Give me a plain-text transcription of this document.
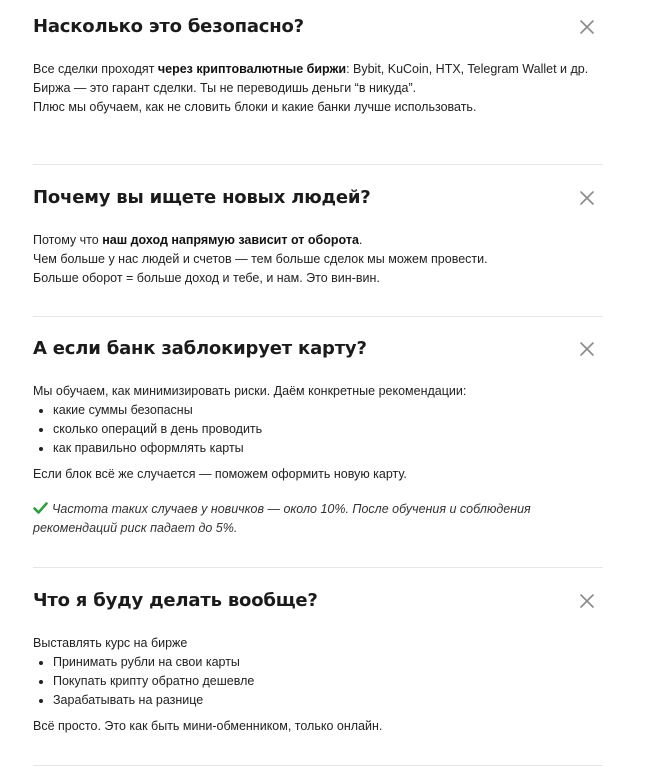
Насколько это безопасно?

Все сделки проходят через криптовалютные биржи: Bybit, KuCoin, HTX, Telegram Wallet и др.

Биржа — это гарант сделки. Ты не переводишь деньги “в никуда”.

Плюс мы обучаем, как не словить блоки и какие банки лучше использовать.

Почему вы ищете новых людей?

Потому что наш доход напрямую зависит от оборота.

Чем больше у нас людей и счетов — тем больше сделок мы можем провести.

Больше оборот = больше доход и тебе, и нам. Это вин-вин.

А если банк заблокирует карту?

Мы обучаем, как минимизировать риски. Даём конкретные рекомендации:

какие суммы безопасны
сколько операций в день проводить
как правильно оформлять карты

Если блок всё же случается — поможем оформить новую карту.

Частота таких случаев у новичков — около 10%. После обучения и соблюдения рекомендаций риск падает до 5%.

Что я буду делать вообще?

Выставлять курс на бирже

Принимать рубли на свои карты
Покупать крипту обратно дешевле
Зарабатывать на разнице

Всё просто. Это как быть мини-обменником, только онлайн.
